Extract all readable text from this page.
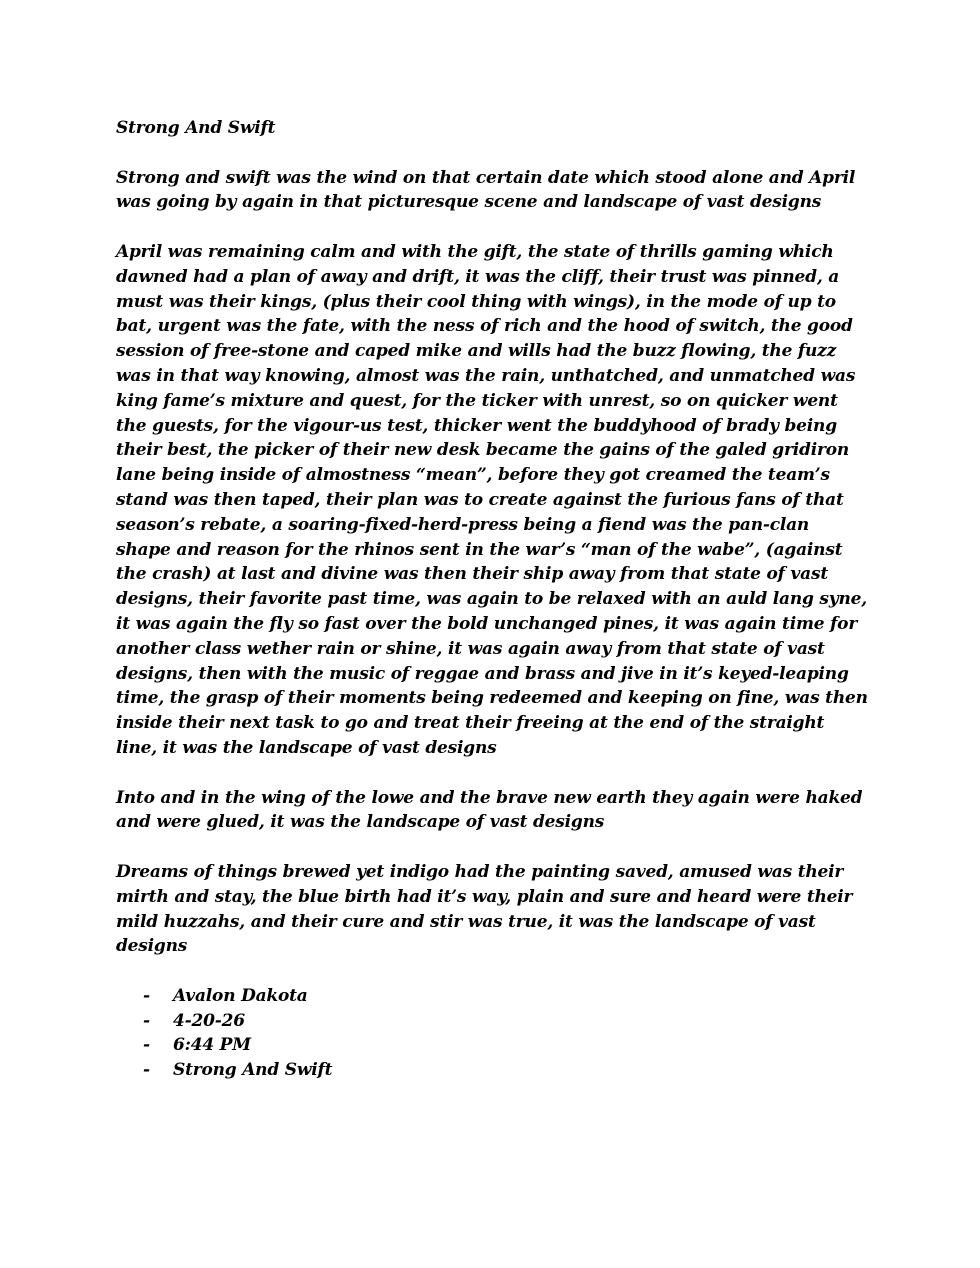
Strong And Swift

Strong and swift was the wind on that certain date which stood alone and April was going by again in that picturesque scene and landscape of vast designs

April was remaining calm and with the gift, the state of thrills gaming which dawned had a plan of away and drift, it was the cliff, their trust was pinned, a must was their kings, (plus their cool thing with wings), in the mode of up to bat, urgent was the fate, with the ness of rich and the hood of switch, the good session of free-stone and caped mike and wills had the buzz flowing, the fuzz was in that way knowing, almost was the rain, unthatched, and unmatched was king fame’s mixture and quest, for the ticker with unrest, so on quicker went the guests, for the vigour-us test, thicker went the buddyhood of brady being their best, the picker of their new desk became the gains of the galed gridiron lane being inside of almostness “mean”, before they got creamed the team’s stand was then taped, their plan was to create against the furious fans of that season’s rebate, a soaring-fixed-herd-press being a fiend was the pan-clan shape and reason for the rhinos sent in the war’s “man of the wabe”, (against the crash) at last and divine was then their ship away from that state of vast designs, their favorite past time, was again to be relaxed with an auld lang syne, it was again the fly so fast over the bold unchanged pines, it was again time for another class wether rain or shine, it was again away from that state of vast designs, then with the music of reggae and brass and jive in it’s keyed-leaping time, the grasp of their moments being redeemed and keeping on fine, was then inside their next task to go and treat their freeing at the end of the straight line, it was the landscape of vast designs

Into and in the wing of the lowe and the brave new earth they again were haked and were glued, it was the landscape of vast designs

Dreams of things brewed yet indigo had the painting saved, amused was their mirth and stay, the blue birth had it’s way, plain and sure and heard were their mild huzzahs, and their cure and stir was true, it was the landscape of vast designs

- Avalon Dakota
- 4-20-26
- 6:44 PM
- Strong And Swift
